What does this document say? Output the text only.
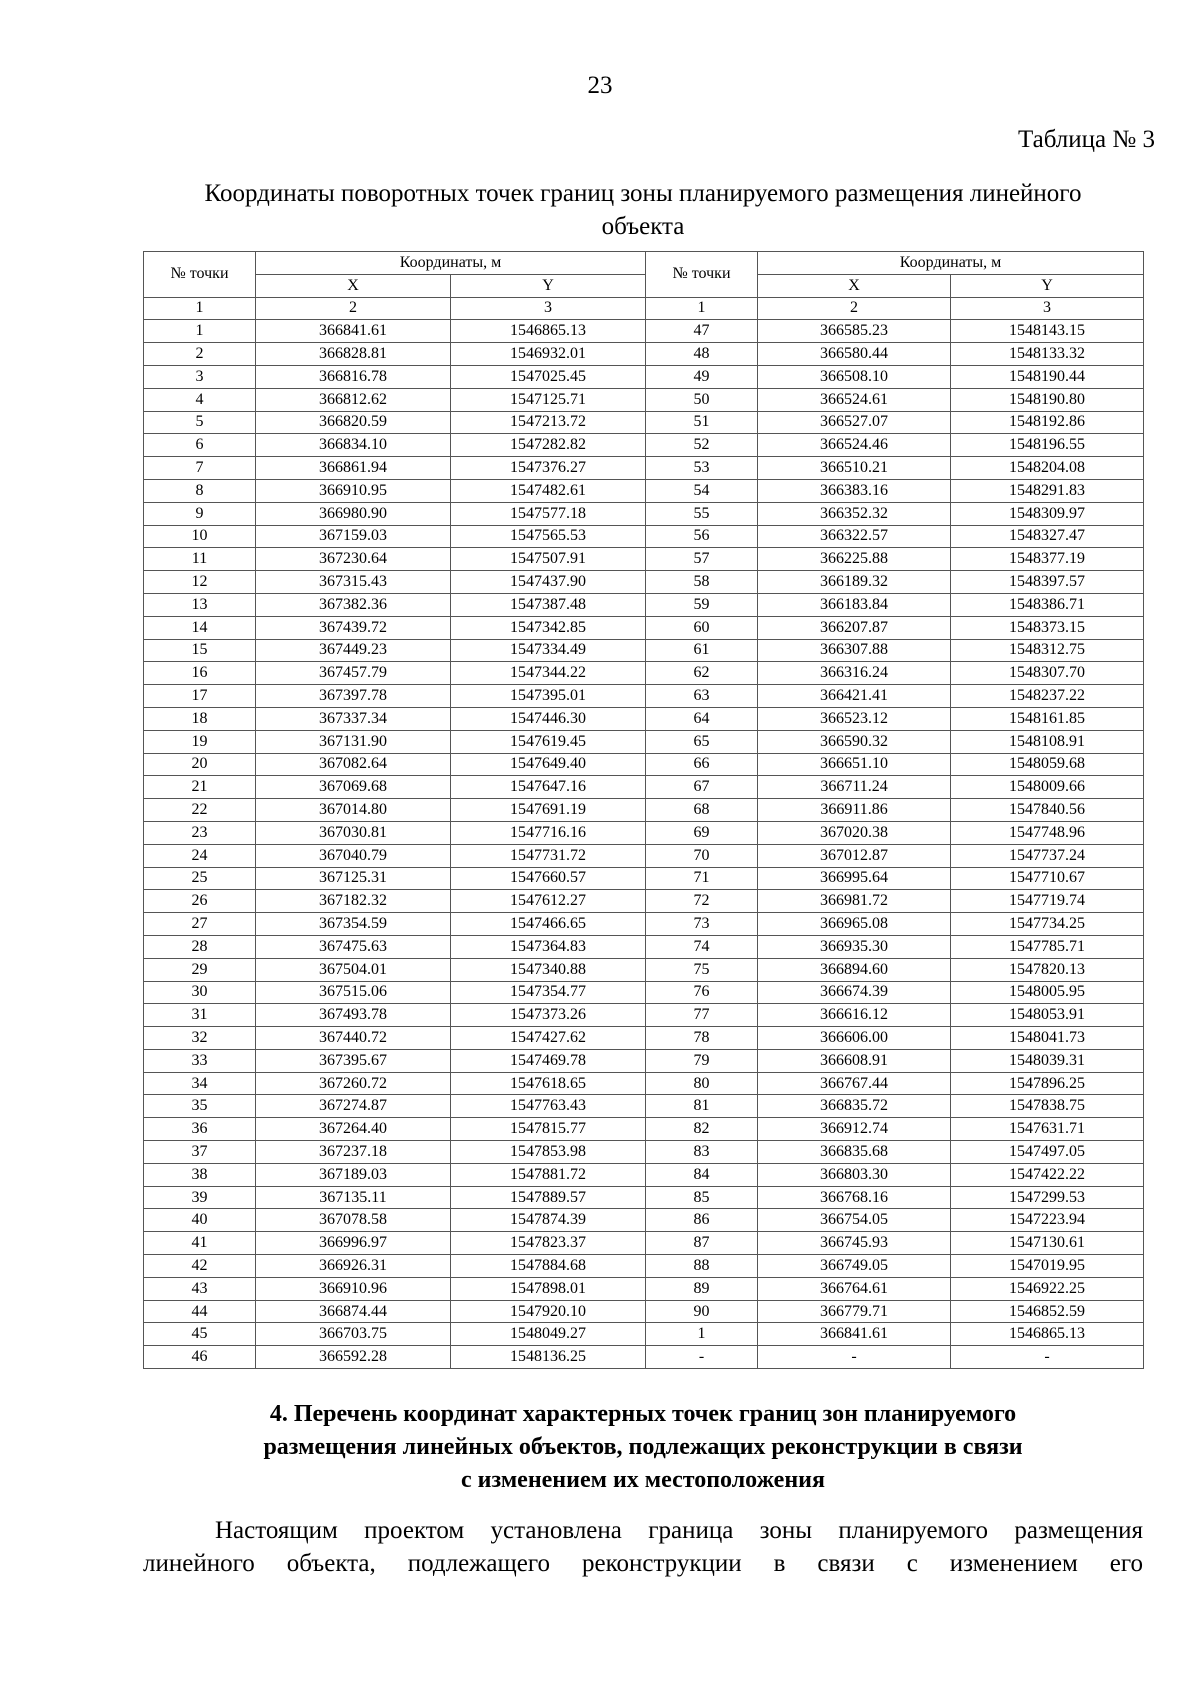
23
Таблица № 3
Координаты поворотных точек границ зоны планируемого размещения линейного
объекта
№ точки	Координаты, м		№ точки	Координаты, м	
	X	Y		X	Y
1	2	3	1	2	3
1	366841.61	1546865.13	47	366585.23	1548143.15
2	366828.81	1546932.01	48	366580.44	1548133.32
3	366816.78	1547025.45	49	366508.10	1548190.44
4	366812.62	1547125.71	50	366524.61	1548190.80
5	366820.59	1547213.72	51	366527.07	1548192.86
6	366834.10	1547282.82	52	366524.46	1548196.55
7	366861.94	1547376.27	53	366510.21	1548204.08
8	366910.95	1547482.61	54	366383.16	1548291.83
9	366980.90	1547577.18	55	366352.32	1548309.97
10	367159.03	1547565.53	56	366322.57	1548327.47
11	367230.64	1547507.91	57	366225.88	1548377.19
12	367315.43	1547437.90	58	366189.32	1548397.57
13	367382.36	1547387.48	59	366183.84	1548386.71
14	367439.72	1547342.85	60	366207.87	1548373.15
15	367449.23	1547334.49	61	366307.88	1548312.75
16	367457.79	1547344.22	62	366316.24	1548307.70
17	367397.78	1547395.01	63	366421.41	1548237.22
18	367337.34	1547446.30	64	366523.12	1548161.85
19	367131.90	1547619.45	65	366590.32	1548108.91
20	367082.64	1547649.40	66	366651.10	1548059.68
21	367069.68	1547647.16	67	366711.24	1548009.66
22	367014.80	1547691.19	68	366911.86	1547840.56
23	367030.81	1547716.16	69	367020.38	1547748.96
24	367040.79	1547731.72	70	367012.87	1547737.24
25	367125.31	1547660.57	71	366995.64	1547710.67
26	367182.32	1547612.27	72	366981.72	1547719.74
27	367354.59	1547466.65	73	366965.08	1547734.25
28	367475.63	1547364.83	74	366935.30	1547785.71
29	367504.01	1547340.88	75	366894.60	1547820.13
30	367515.06	1547354.77	76	366674.39	1548005.95
31	367493.78	1547373.26	77	366616.12	1548053.91
32	367440.72	1547427.62	78	366606.00	1548041.73
33	367395.67	1547469.78	79	366608.91	1548039.31
34	367260.72	1547618.65	80	366767.44	1547896.25
35	367274.87	1547763.43	81	366835.72	1547838.75
36	367264.40	1547815.77	82	366912.74	1547631.71
37	367237.18	1547853.98	83	366835.68	1547497.05
38	367189.03	1547881.72	84	366803.30	1547422.22
39	367135.11	1547889.57	85	366768.16	1547299.53
40	367078.58	1547874.39	86	366754.05	1547223.94
41	366996.97	1547823.37	87	366745.93	1547130.61
42	366926.31	1547884.68	88	366749.05	1547019.95
43	366910.96	1547898.01	89	366764.61	1546922.25
44	366874.44	1547920.10	90	366779.71	1546852.59
45	366703.75	1548049.27	1	366841.61	1546865.13
46	366592.28	1548136.25	-	-	-
4. Перечень координат характерных точек границ зон планируемого
размещения линейных объектов, подлежащих реконструкции в связи
с изменением их местоположения
Настоящим проектом установлена граница зоны планируемого размещения
линейного объекта, подлежащего реконструкции в связи с изменением его
